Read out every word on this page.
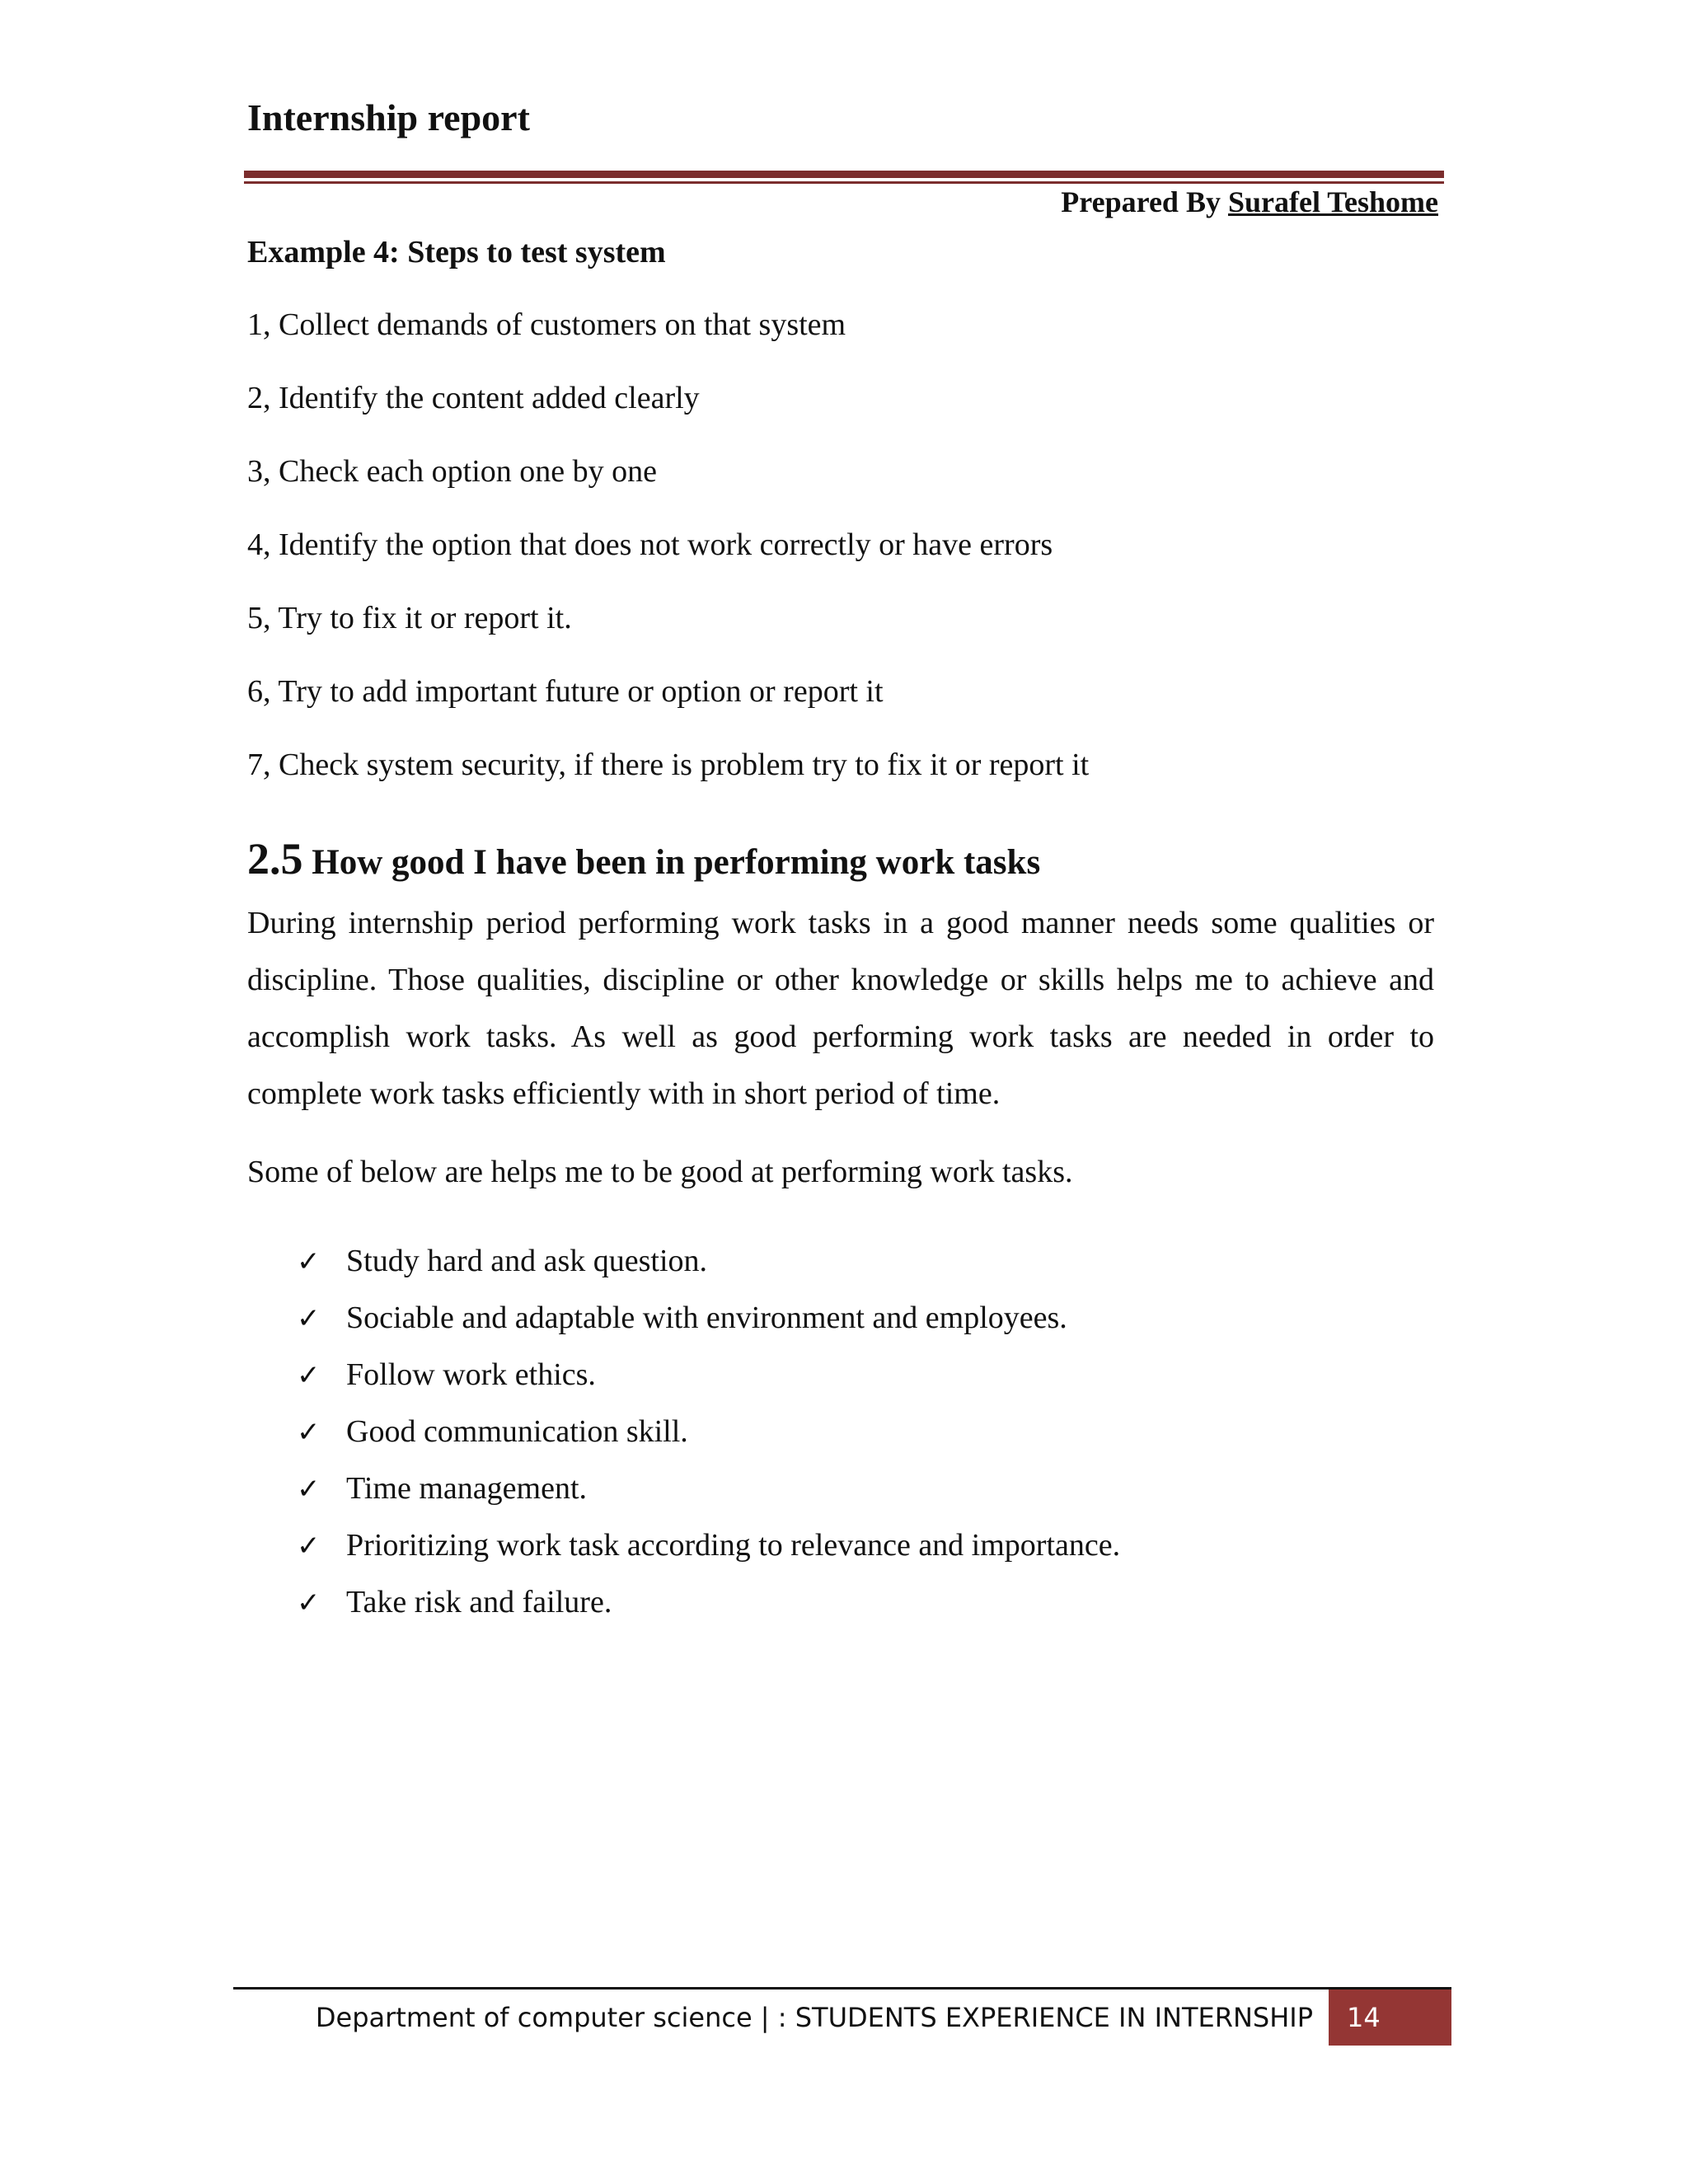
Internship report
Prepared By Surafel Teshome
Example 4: Steps to test system
1, Collect demands of customers on that system
2, Identify the content added clearly
3, Check each option one by one
4, Identify the option that does not work correctly or have errors
5, Try to fix it or report it.
6, Try to add important future or option or report it
7, Check system security, if there is problem try to fix it or report it
2.5 How good I have been in performing work tasks

During internship period performing work tasks in a good manner needs some qualities or discipline. Those qualities, discipline or other knowledge or skills helps me to achieve and accomplish work tasks. As well as good performing work tasks are needed in order to complete work tasks efficiently with in short period of time.

Some of below are helps me to be good at performing work tasks.
✓ Study hard and ask question.
✓ Sociable and adaptable with environment and employees.
✓ Follow work ethics.
✓ Good communication skill.
✓ Time management.
✓ Prioritizing work task according to relevance and importance.
✓ Take risk and failure.
Department of computer science | : STUDENTS EXPERIENCE IN INTERNSHIP	14
